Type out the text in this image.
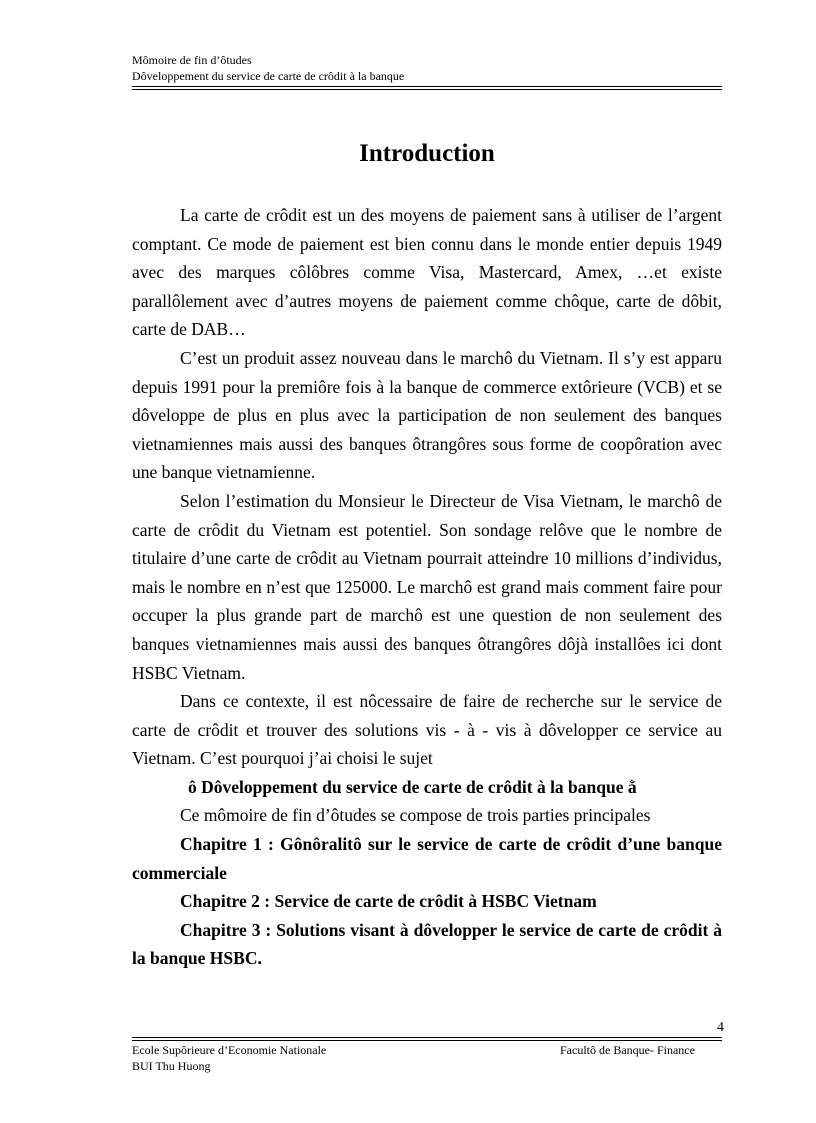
Mômoire de fin d’ôtudes
Dôveloppement du service de carte de crôdit à la banque
Introduction

La carte de crôdit est un des moyens de paiement sans à utiliser de l’argent comptant. Ce mode de paiement est bien connu dans le monde entier depuis 1949 avec des marques côlôbres comme Visa, Mastercard, Amex, …et existe parallôlement avec d’autres moyens de paiement comme chôque, carte de dôbit, carte de DAB…

C’est un produit assez nouveau dans le marchô du Vietnam. Il s’y est apparu depuis 1991 pour la premiôre fois à la banque de commerce extôrieure (VCB) et se dôveloppe de plus en plus avec la participation de non seulement des banques vietnamiennes mais aussi des banques ôtrangôres sous forme de coopôration avec une banque vietnamienne.

Selon l’estimation du Monsieur le Directeur de Visa Vietnam, le marchô de carte de crôdit du Vietnam est potentiel. Son sondage relôve que le nombre de titulaire d’une carte de crôdit au Vietnam pourrait atteindre 10 millions d’individus, mais le nombre en n’est que 125000. Le marchô est grand mais comment faire pour occuper la plus grande part de marchô est une question de non seulement des banques vietnamiennes mais aussi des banques ôtrangôres dôjà installôes ici dont HSBC Vietnam.

Dans ce contexte, il est nôcessaire de faire de recherche sur le service de carte de crôdit et trouver des solutions vis - à - vis à dôvelopper ce service au Vietnam. C’est pourquoi j’ai choisi le sujet

ô Dôveloppement du service de carte de crôdit à la banque ằ

Ce mômoire de fin d’ôtudes se compose de trois parties principales

Chapitre 1 : Gônôralitô sur le service de carte de crôdit d’une banque commerciale

Chapitre 2 : Service de carte de crôdit à HSBC Vietnam

Chapitre 3 : Solutions visant à dôvelopper le service de carte de crôdit à la banque HSBC.

4
Ecole Supôrieure d’Economie Nationale
BUI Thu Huong
Facultô de Banque- Finance
